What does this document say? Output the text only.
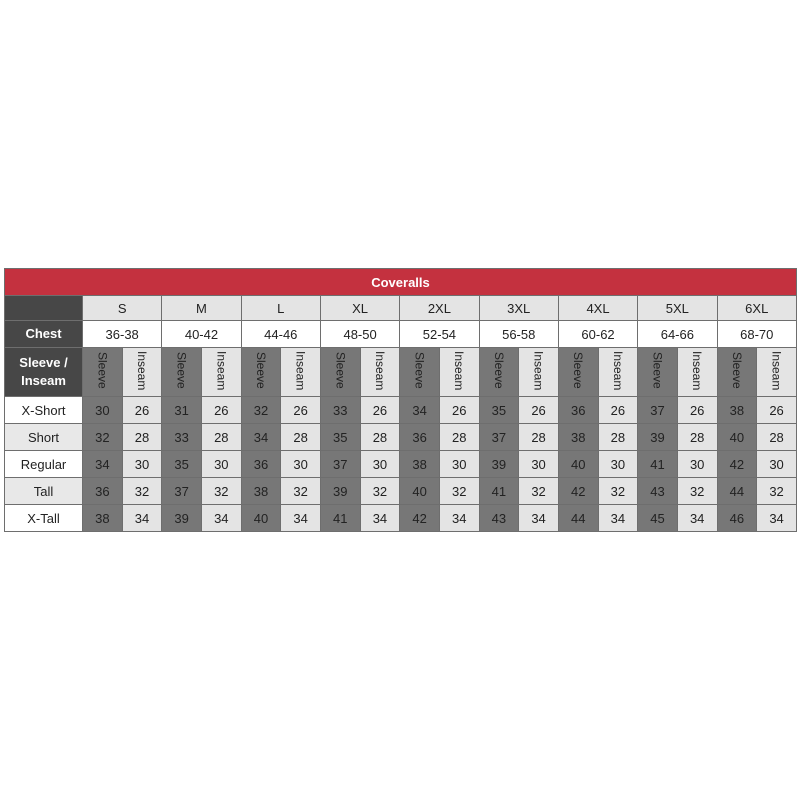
Coveralls																		
	S		M		L		XL		2XL		3XL		4XL		5XL		6XL	
Chest	36-38		40-42		44-46		48-50		52-54		56-58		60-62		64-66		68-70	
Sleeve / Inseam	Sleeve	Inseam	Sleeve	Inseam	Sleeve	Inseam	Sleeve	Inseam	Sleeve	Inseam	Sleeve	Inseam	Sleeve	Inseam	Sleeve	Inseam	Sleeve	Inseam
X-Short	30	26	31	26	32	26	33	26	34	26	35	26	36	26	37	26	38	26
Short	32	28	33	28	34	28	35	28	36	28	37	28	38	28	39	28	40	28
Regular	34	30	35	30	36	30	37	30	38	30	39	30	40	30	41	30	42	30
Tall	36	32	37	32	38	32	39	32	40	32	41	32	42	32	43	32	44	32
X-Tall	38	34	39	34	40	34	41	34	42	34	43	34	44	34	45	34	46	34
